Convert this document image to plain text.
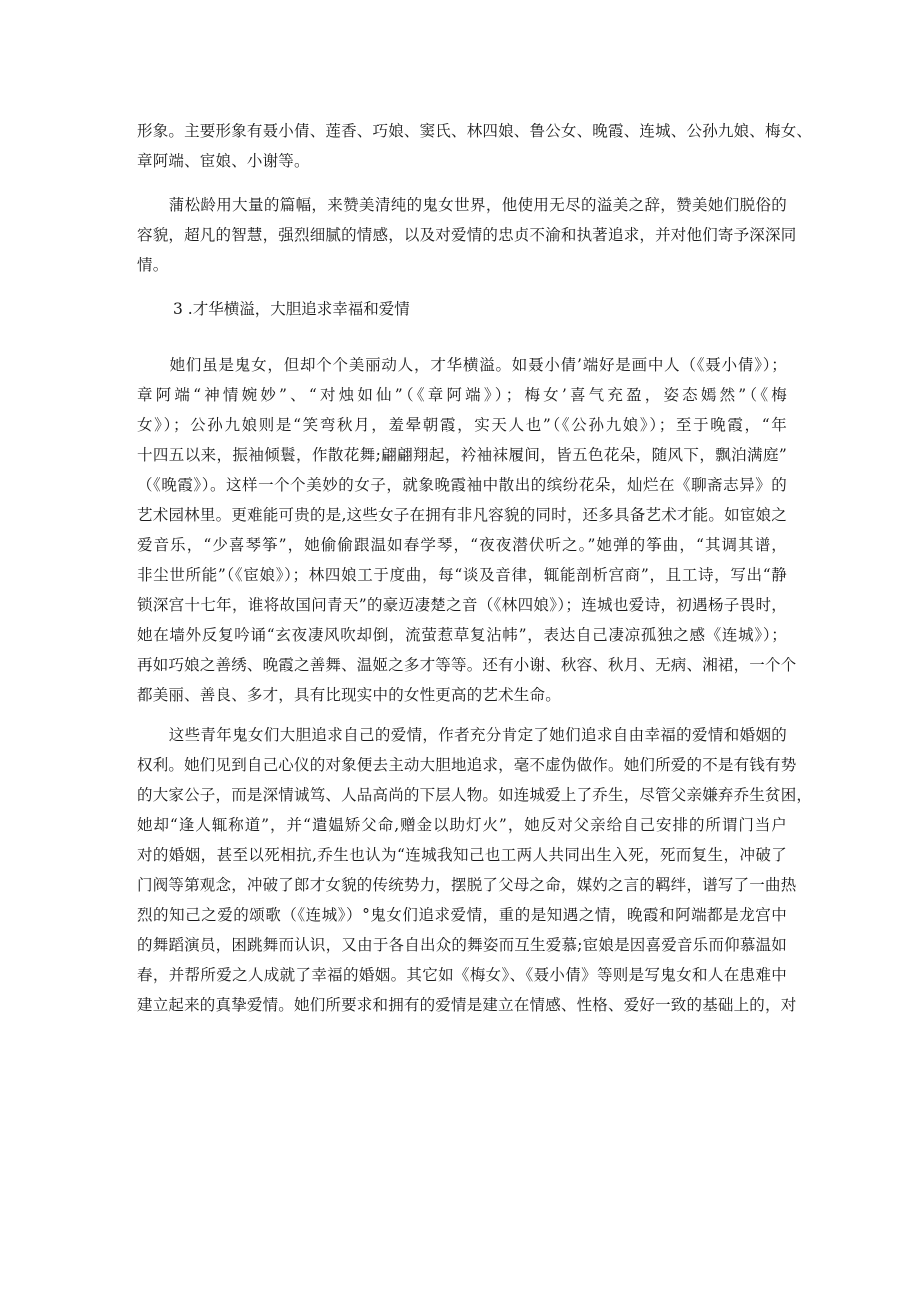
形象。主要形象有聂小倩、莲香、巧娘、窦氏、林四娘、鲁公女、晚霞、连城、公孙九娘、梅女、
章阿端、宦娘、小谢等。
　　蒲松龄用大量的篇幅，来赞美清纯的鬼女世界，他使用无尽的溢美之辞，赞美她们脱俗的
容貌，超凡的智慧，强烈细腻的情感，以及对爱情的忠贞不渝和执著追求，并对他们寄予深深同
情。
3 .才华横溢，大胆追求幸福和爱情
　　她们虽是鬼女，但却个个美丽动人，才华横溢。如聂小倩’端好是画中人（《聂小倩》）；
章阿端“神情婉妙”、“对烛如仙”（《章阿端》）；梅女’喜气充盈，姿态嫣然”（《梅
女》）；公孙九娘则是“笑弯秋月，羞晕朝霞，实天人也”（《公孙九娘》）；至于晚霞，“年
十四五以来，振袖倾鬟，作散花舞;翩翩翔起，衿袖袜履间，皆五色花朵，随风下，飘泊满庭”
（《晚霞》）。这样一个个美妙的女子，就象晚霞袖中散出的缤纷花朵，灿烂在《聊斋志异》的
艺术园林里。更难能可贵的是,这些女子在拥有非凡容貌的同时，还多具备艺术才能。如宦娘之
爱音乐，“少喜琴筝”，她偷偷跟温如春学琴，“夜夜潜伏听之。”她弹的筝曲，“其调其谱，
非尘世所能”（《宦娘》）；林四娘工于度曲，每“谈及音律，辄能剖析宫商”，且工诗，写出“静
锁深宫十七年，谁将故国问青天”的豪迈凄楚之音（《林四娘》）；连城也爱诗，初遇杨子畏时，
她在墙外反复吟诵“玄夜凄风吹却倒，流萤惹草复沾帏”，表达自己凄凉孤独之感《连城》）；
再如巧娘之善绣、晚霞之善舞、温姬之多才等等。还有小谢、秋容、秋月、无病、湘裙，一个个
都美丽、善良、多才，具有比现实中的女性更高的艺术生命。
　　这些青年鬼女们大胆追求自己的爱情，作者充分肯定了她们追求自由幸福的爱情和婚姻的
权利。她们见到自己心仪的对象便去主动大胆地追求，毫不虚伪做作。她们所爱的不是有钱有势
的大家公子，而是深情诚笃、人品高尚的下层人物。如连城爱上了乔生，尽管父亲嫌弃乔生贫困，
她却“逢人辄称道”，并“遣媪矫父命,赠金以助灯火”，她反对父亲给自己安排的所谓门当户
对的婚姻，甚至以死相抗,乔生也认为“连城我知己也工两人共同出生入死，死而复生，冲破了
门阀等第观念，冲破了郎才女貌的传统势力，摆脱了父母之命，媒妁之言的羁绊，谱写了一曲热
烈的知己之爱的颂歌（《连城》）°鬼女们追求爱情，重的是知遇之情，晚霞和阿端都是龙宫中
的舞蹈演员，困跳舞而认识，又由于各自出众的舞姿而互生爱慕;宦娘是因喜爱音乐而仰慕温如
春，并帮所爱之人成就了幸福的婚姻。其它如《梅女》、《聂小倩》等则是写鬼女和人在患难中
建立起来的真挚爱情。她们所要求和拥有的爱情是建立在情感、性格、爱好一致的基础上的，对
